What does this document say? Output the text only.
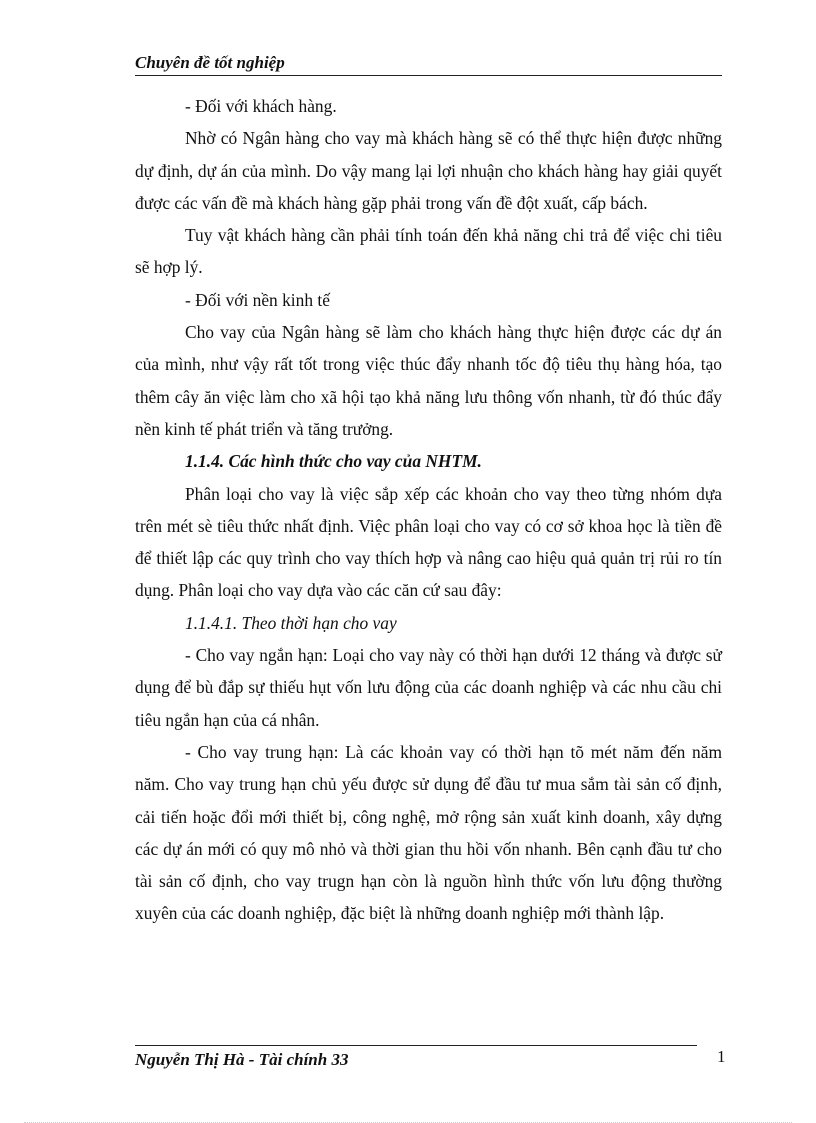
Chuyên đề tốt nghiệp

- Đối với khách hàng.

Nhờ có Ngân hàng cho vay mà khách hàng sẽ có thể thực hiện được những dự định, dự án của mình. Do vậy mang lại lợi nhuận cho khách hàng hay giải quyết được các vấn đề mà khách hàng gặp phải trong vấn đề đột xuất, cấp bách.

Tuy vật khách hàng cần phải tính toán đến khả năng chi trả để việc chi tiêu sẽ hợp lý.

- Đối với nền kinh tế

Cho vay của Ngân hàng sẽ làm cho khách hàng thực hiện được các dự án của mình, như vậy rất tốt trong việc thúc đẩy nhanh tốc độ tiêu thụ hàng hóa, tạo thêm cây ăn việc làm cho xã hội tạo khả năng lưu thông vốn nhanh, từ đó thúc đẩy nền kinh tế phát triển và tăng trưởng.

1.1.4. Các hình thức cho vay của NHTM.

Phân loại cho vay là việc sắp xếp các khoản cho vay theo từng nhóm dựa trên mét sè tiêu thức nhất định. Việc phân loại cho vay có cơ sở khoa học là tiền đề để thiết lập các quy trình cho vay thích hợp và nâng cao hiệu quả quản trị rủi ro tín dụng. Phân loại cho vay dựa vào các căn cứ sau đây:

1.1.4.1. Theo thời hạn cho vay

- Cho vay ngắn hạn: Loại cho vay này có thời hạn dưới 12 tháng và được sử dụng để bù đắp sự thiếu hụt vốn lưu động của các doanh nghiệp và các nhu cầu chi tiêu ngắn hạn của cá nhân.

- Cho vay trung hạn: Là các khoản vay có thời hạn tõ mét năm đến năm năm. Cho vay trung hạn chủ yếu được sử dụng để đầu tư mua sắm tài sản cố định, cải tiến hoặc đổi mới thiết bị, công nghệ, mở rộng sản xuất kinh doanh, xây dựng các dự án mới có quy mô nhỏ và thời gian thu hồi vốn nhanh. Bên cạnh đầu tư cho tài sản cố định, cho vay trugn hạn còn là nguồn hình thức vốn lưu động thường xuyên của các doanh nghiệp, đặc biệt là những doanh nghiệp mới thành lập.

Nguyễn Thị Hà - Tài chính 33	1
